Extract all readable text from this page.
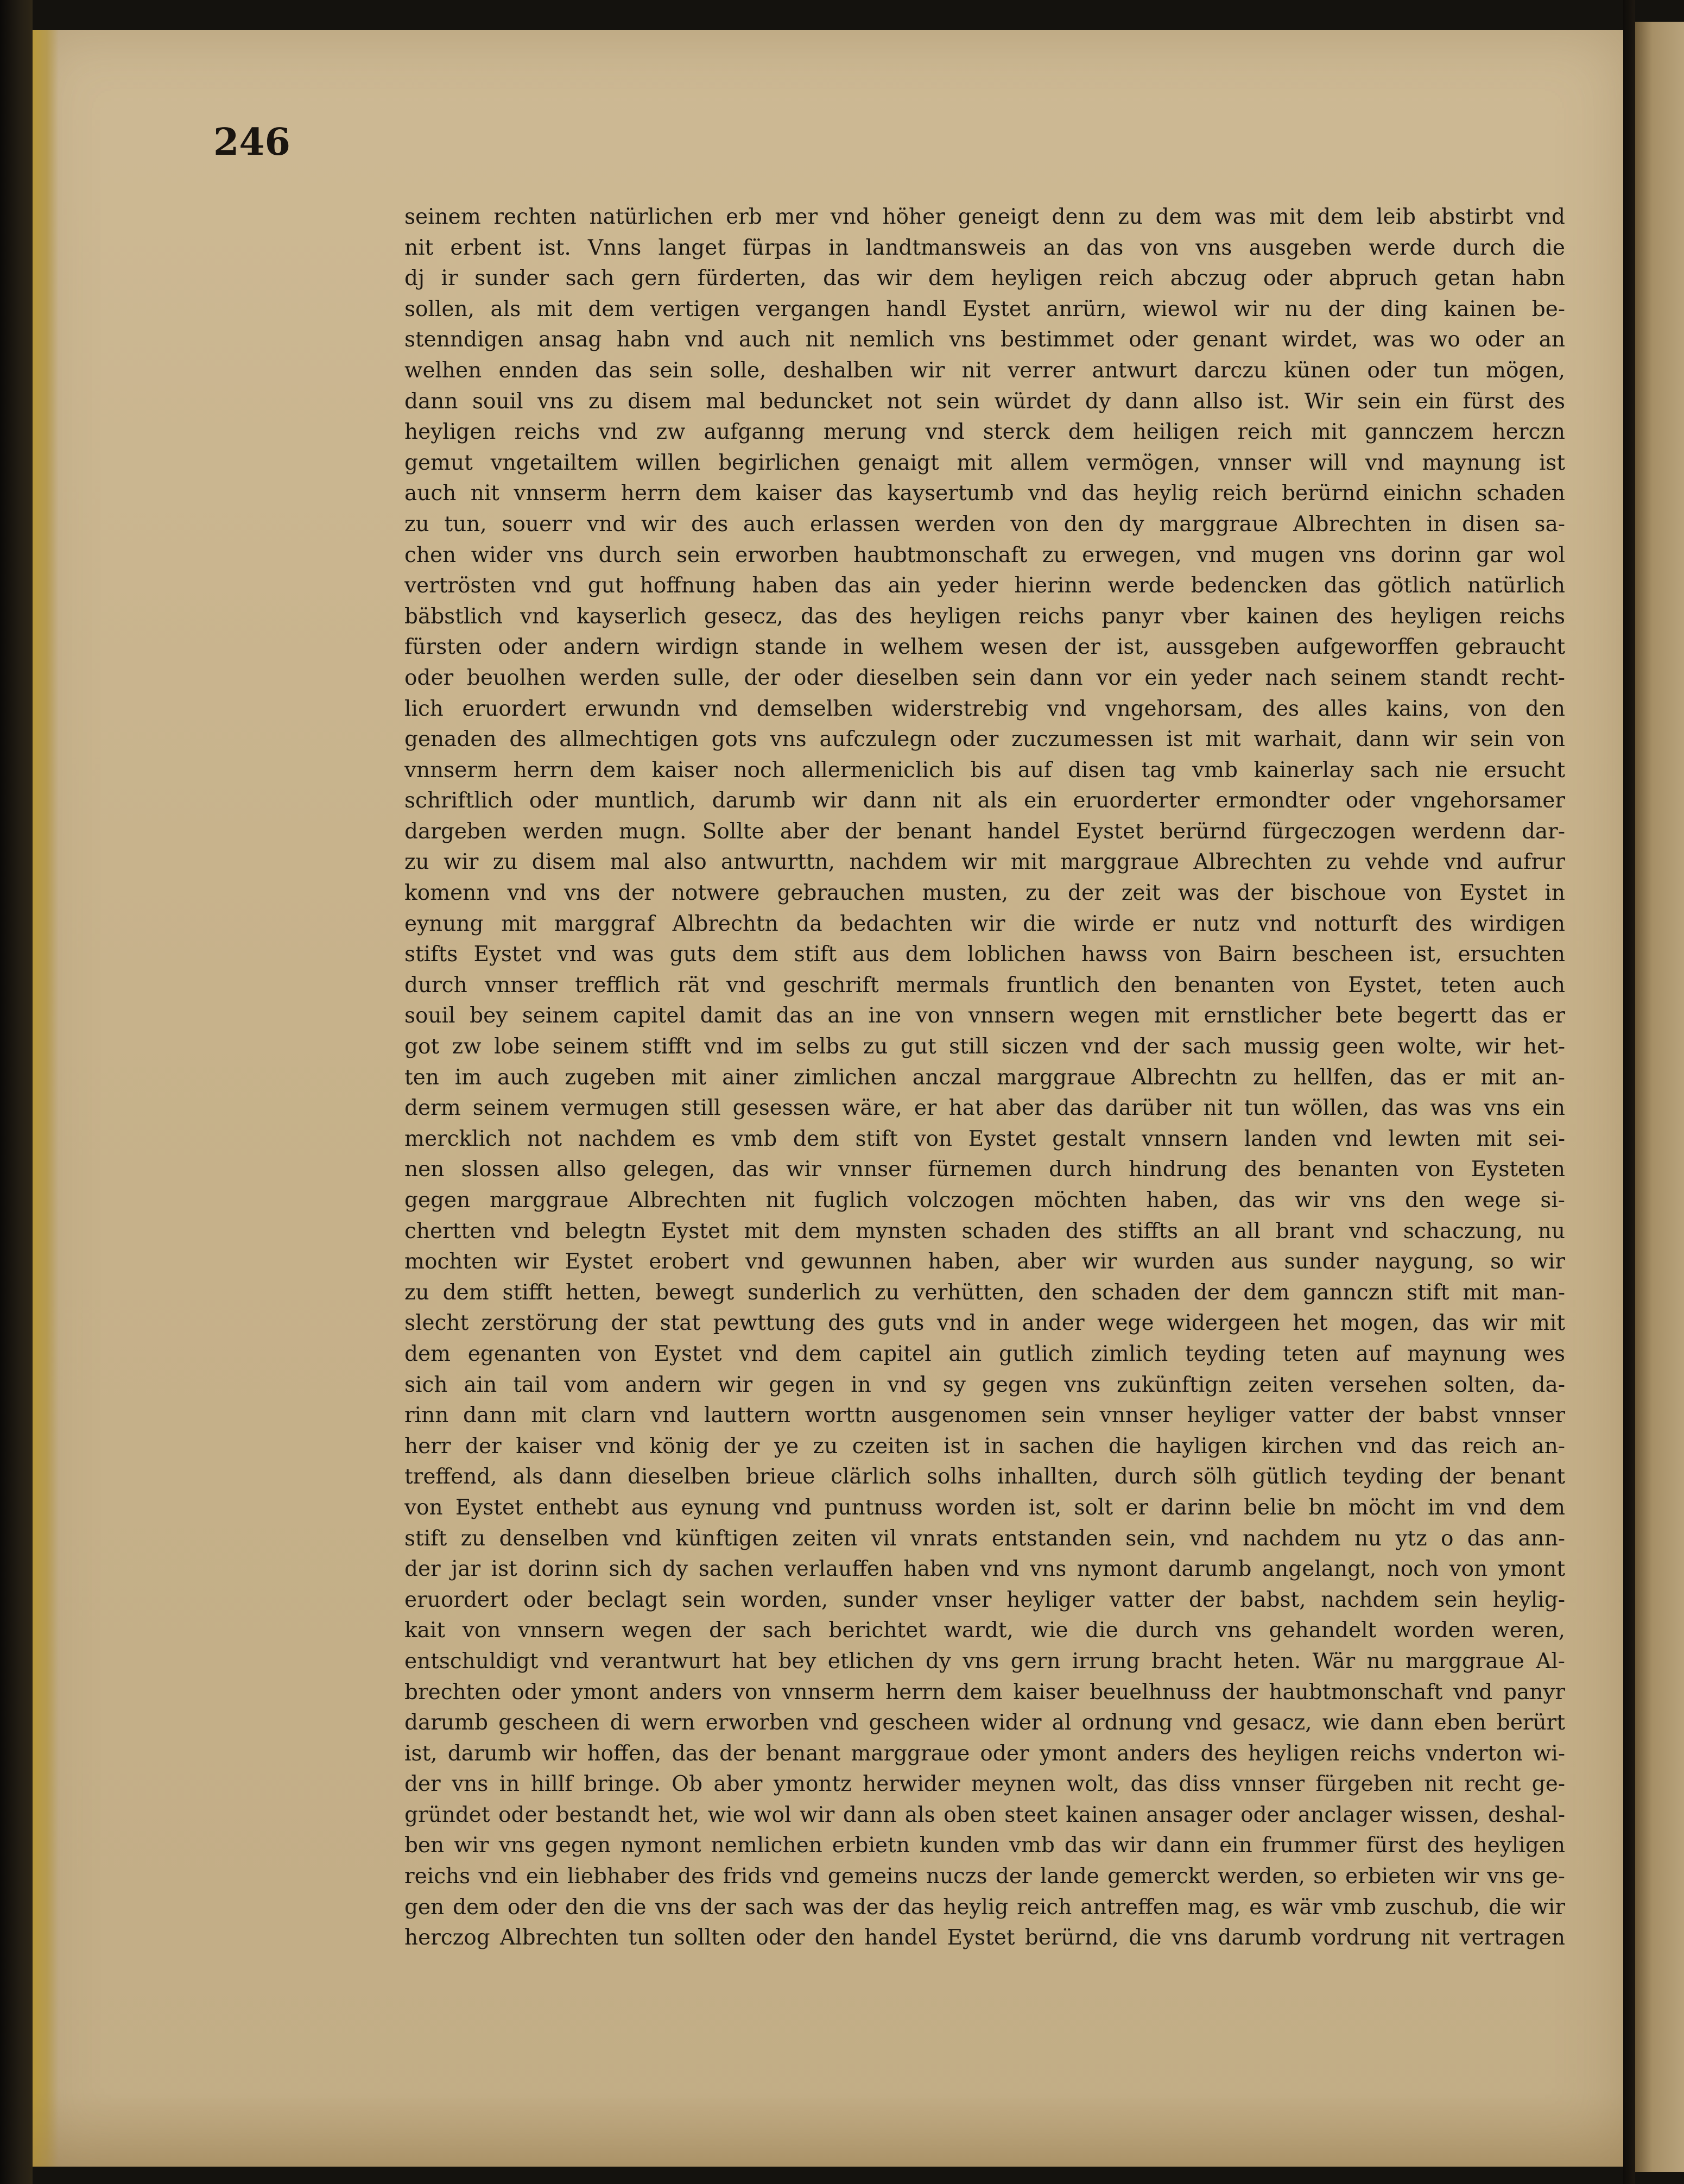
246
seinem rechten natürlichen erb mer vnd höher geneigt denn zu dem was mit dem leib abstirbt vnd
nit erbent ist. Vnns langet fürpas in landtmansweis an das von vns ausgeben werde durch die
dj ir sunder sach gern fürderten, das wir dem heyligen reich abczug oder abpruch getan habn
sollen, als mit dem vertigen vergangen handl Eystet anrürn, wiewol wir nu der ding kainen be-
stenndigen ansag habn vnd auch nit nemlich vns bestimmet oder genant wirdet, was wo oder an
welhen ennden das sein solle, deshalben wir nit verrer antwurt darczu künen oder tun mögen,
dann souil vns zu disem mal beduncket not sein würdet dy dann allso ist. Wir sein ein fürst des
heyligen reichs vnd zw aufganng merung vnd sterck dem heiligen reich mit gannczem herczn
gemut vngetailtem willen begirlichen genaigt mit allem vermögen, vnnser will vnd maynung ist
auch nit vnnserm herrn dem kaiser das kaysertumb vnd das heylig reich berürnd einichn schaden
zu tun, souerr vnd wir des auch erlassen werden von den dy marggraue Albrechten in disen sa-
chen wider vns durch sein erworben haubtmonschaft zu erwegen, vnd mugen vns dorinn gar wol
vertrösten vnd gut hoffnung haben das ain yeder hierinn werde bedencken das götlich natürlich
bäbstlich vnd kayserlich gesecz, das des heyligen reichs panyr vber kainen des heyligen reichs
fürsten oder andern wirdign stande in welhem wesen der ist, aussgeben aufgeworffen gebraucht
oder beuolhen werden sulle, der oder dieselben sein dann vor ein yeder nach seinem standt recht-
lich eruordert erwundn vnd demselben widerstrebig vnd vngehorsam, des alles kains, von den
genaden des allmechtigen gots vns aufczulegn oder zuczumessen ist mit warhait, dann wir sein von
vnnserm herrn dem kaiser noch allermeniclich bis auf disen tag vmb kainerlay sach nie ersucht
schriftlich oder muntlich, darumb wir dann nit als ein eruorderter ermondter oder vngehorsamer
dargeben werden mugn. Sollte aber der benant handel Eystet berürnd fürgeczogen werdenn dar-
zu wir zu disem mal also antwurttn, nachdem wir mit marggraue Albrechten zu vehde vnd aufrur
komenn vnd vns der notwere gebrauchen musten, zu der zeit was der bischoue von Eystet in
eynung mit marggraf Albrechtn da bedachten wir die wirde er nutz vnd notturft des wirdigen
stifts Eystet vnd was guts dem stift aus dem loblichen hawss von Bairn bescheen ist, ersuchten
durch vnnser trefflich rät vnd geschrift mermals fruntlich den benanten von Eystet, teten auch
souil bey seinem capitel damit das an ine von vnnsern wegen mit ernstlicher bete begertt das er
got zw lobe seinem stifft vnd im selbs zu gut still siczen vnd der sach mussig geen wolte, wir het-
ten im auch zugeben mit ainer zimlichen anczal marggraue Albrechtn zu hellfen, das er mit an-
derm seinem vermugen still gesessen wäre, er hat aber das darüber nit tun wöllen, das was vns ein
mercklich not nachdem es vmb dem stift von Eystet gestalt vnnsern landen vnd lewten mit sei-
nen slossen allso gelegen, das wir vnnser fürnemen durch hindrung des benanten von Eysteten
gegen marggraue Albrechten nit fuglich volczogen möchten haben, das wir vns den wege si-
chertten vnd belegtn Eystet mit dem mynsten schaden des stiffts an all brant vnd schaczung, nu
mochten wir Eystet erobert vnd gewunnen haben, aber wir wurden aus sunder naygung, so wir
zu dem stifft hetten, bewegt sunderlich zu verhütten, den schaden der dem gannczn stift mit man-
slecht zerstörung der stat pewttung des guts vnd in ander wege widergeen het mogen, das wir mit
dem egenanten von Eystet vnd dem capitel ain gutlich zimlich teyding teten auf maynung wes
sich ain tail vom andern wir gegen in vnd sy gegen vns zukünftign zeiten versehen solten, da-
rinn dann mit clarn vnd lauttern worttn ausgenomen sein vnnser heyliger vatter der babst vnnser
herr der kaiser vnd könig der ye zu czeiten ist in sachen die hayligen kirchen vnd das reich an-
treffend, als dann dieselben brieue clärlich solhs inhallten, durch sölh gütlich teyding der benant
von Eystet enthebt aus eynung vnd puntnuss worden ist, solt er darinn belie bn möcht im vnd dem
stift zu denselben vnd künftigen zeiten vil vnrats entstanden sein, vnd nachdem nu ytz o das ann-
der jar ist dorinn sich dy sachen verlauffen haben vnd vns nymont darumb angelangt, noch von ymont
eruordert oder beclagt sein worden, sunder vnser heyliger vatter der babst, nachdem sein heylig-
kait von vnnsern wegen der sach berichtet wardt, wie die durch vns gehandelt worden weren,
entschuldigt vnd verantwurt hat bey etlichen dy vns gern irrung bracht heten. Wär nu marggraue Al-
brechten oder ymont anders von vnnserm herrn dem kaiser beuelhnuss der haubtmonschaft vnd panyr
darumb gescheen di wern erworben vnd gescheen wider al ordnung vnd gesacz, wie dann eben berürt
ist, darumb wir hoffen, das der benant marggraue oder ymont anders des heyligen reichs vnderton wi-
der vns in hillf bringe. Ob aber ymontz herwider meynen wolt, das diss vnnser fürgeben nit recht ge-
gründet oder bestandt het, wie wol wir dann als oben steet kainen ansager oder anclager wissen, deshal-
ben wir vns gegen nymont nemlichen erbietn kunden vmb das wir dann ein frummer fürst des heyligen
reichs vnd ein liebhaber des frids vnd gemeins nuczs der lande gemerckt werden, so erbieten wir vns ge-
gen dem oder den die vns der sach was der das heylig reich antreffen mag, es wär vmb zuschub, die wir
herczog Albrechten tun sollten oder den handel Eystet berürnd, die vns darumb vordrung nit vertragen
